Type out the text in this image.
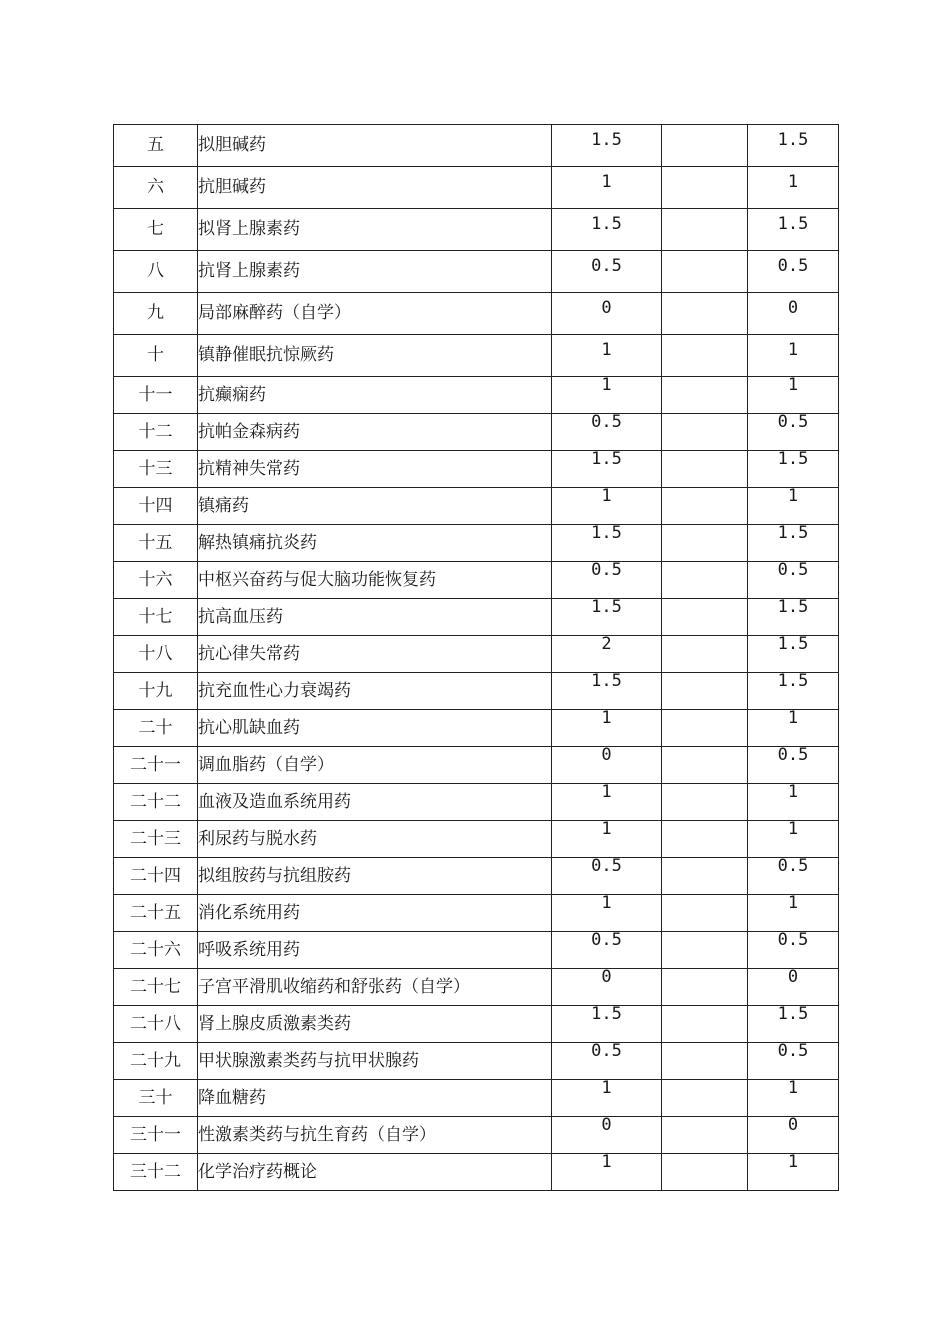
五	拟胆碱药	1.5		1.5
六	抗胆碱药	1		1
七	拟肾上腺素药	1.5		1.5
八	抗肾上腺素药	0.5		0.5
九	局部麻醉药（自学）	0		0
十	镇静催眠抗惊厥药	1		1
十一	抗癫痫药	1		1
十二	抗帕金森病药	0.5		0.5
十三	抗精神失常药	1.5		1.5
十四	镇痛药	1		1
十五	解热镇痛抗炎药	1.5		1.5
十六	中枢兴奋药与促大脑功能恢复药	0.5		0.5
十七	抗高血压药	1.5		1.5
十八	抗心律失常药	2		1.5
十九	抗充血性心力衰竭药	1.5		1.5
二十	抗心肌缺血药	1		1
二十一	调血脂药（自学）	0		0.5
二十二	血液及造血系统用药	1		1
二十三	利尿药与脱水药	1		1
二十四	拟组胺药与抗组胺药	0.5		0.5
二十五	消化系统用药	1		1
二十六	呼吸系统用药	0.5		0.5
二十七	子宫平滑肌收缩药和舒张药（自学）	0		0
二十八	肾上腺皮质激素类药	1.5		1.5
二十九	甲状腺激素类药与抗甲状腺药	0.5		0.5
三十	降血糖药	1		1
三十一	性激素类药与抗生育药（自学）	0		0
三十二	化学治疗药概论	1		1
